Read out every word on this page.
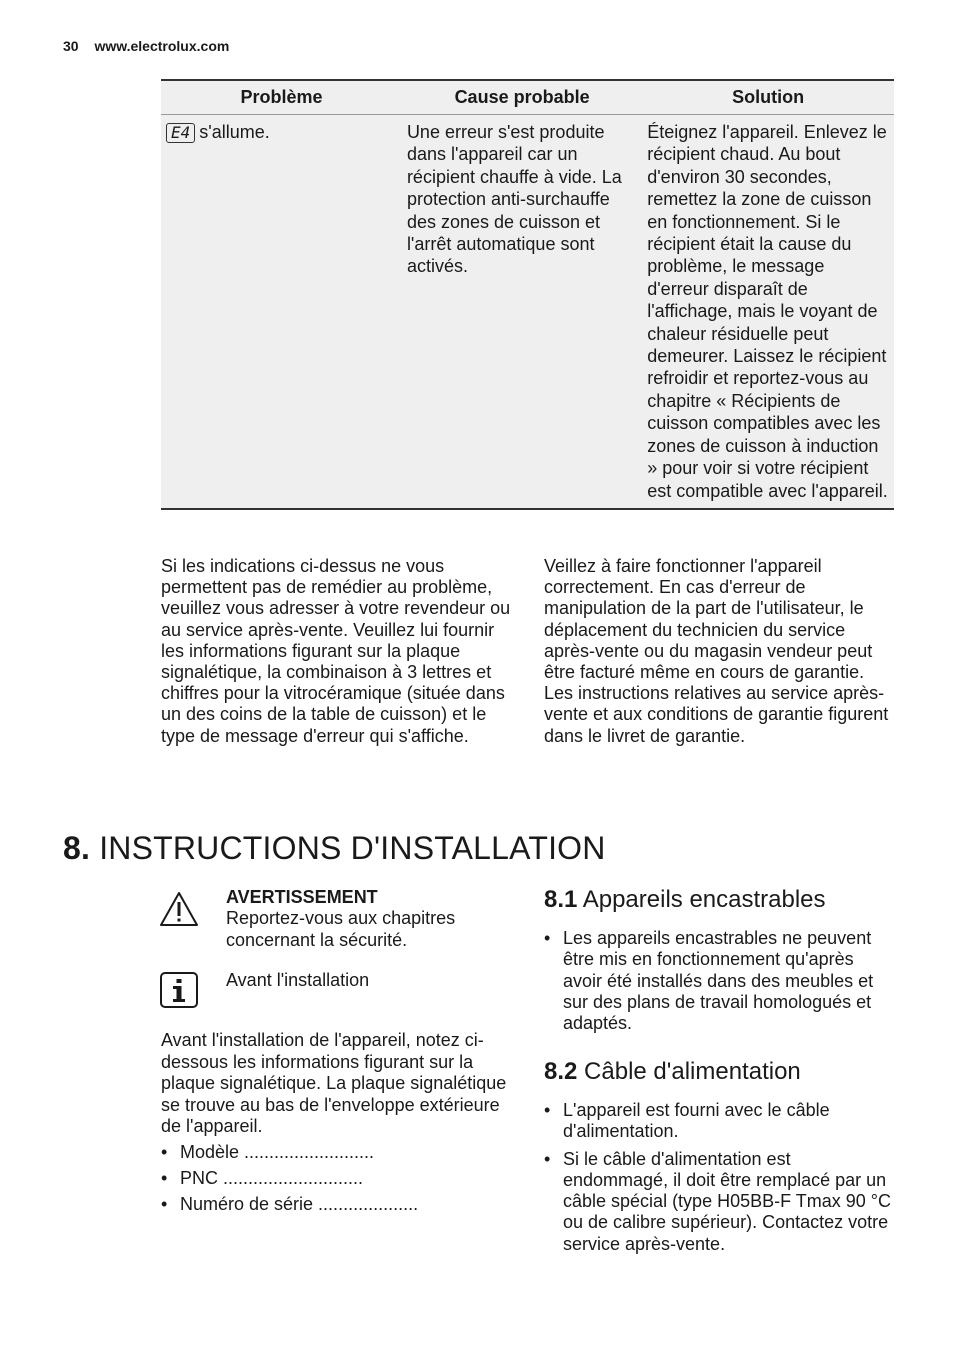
30 www.electrolux.com
Problème	Cause probable	Solution
E4 s'allume.	Une erreur s'est produite dans l'appareil car un récipient chauffe à vide. La protection anti-surchauffe des zones de cuisson et l'arrêt automatique sont activés.	Éteignez l'appareil. Enlevez le récipient chaud. Au bout d'environ 30 secondes, remettez la zone de cuisson en fonctionnement. Si le récipient était la cause du problème, le message d'erreur disparaît de l'affichage, mais le voyant de chaleur résiduelle peut demeurer. Laissez le récipient refroidir et reportez-vous au chapitre « Récipients de cuisson compatibles avec les zones de cuisson à induction » pour voir si votre récipient est compatible avec l'appareil.
Si les indications ci-dessus ne vous permettent pas de remédier au problème, veuillez vous adresser à votre revendeur ou au service après-vente. Veuillez lui fournir les informations figurant sur la plaque signalétique, la combinaison à 3 lettres et chiffres pour la vitrocéramique (située dans un des coins de la table de cuisson) et le type de message d'erreur qui s'affiche.
Veillez à faire fonctionner l'appareil correctement. En cas d'erreur de manipulation de la part de l'utilisateur, le déplacement du technicien du service après-vente ou du magasin vendeur peut être facturé même en cours de garantie. Les instructions relatives au service après-vente et aux conditions de garantie figurent dans le livret de garantie.
8. INSTRUCTIONS D'INSTALLATION
AVERTISSEMENT
Reportez-vous aux chapitres concernant la sécurité.
Avant l'installation
Avant l'installation de l'appareil, notez ci-dessous les informations figurant sur la plaque signalétique. La plaque signalétique se trouve au bas de l'enveloppe extérieure de l'appareil.
• Modèle ..........................
• PNC ............................
• Numéro de série ....................
8.1 Appareils encastrables
• Les appareils encastrables ne peuvent être mis en fonctionnement qu'après avoir été installés dans des meubles et sur des plans de travail homologués et adaptés.
8.2 Câble d'alimentation
• L'appareil est fourni avec le câble d'alimentation.
• Si le câble d'alimentation est endommagé, il doit être remplacé par un câble spécial (type H05BB-F Tmax 90 °C ou de calibre supérieur). Contactez votre service après-vente.
